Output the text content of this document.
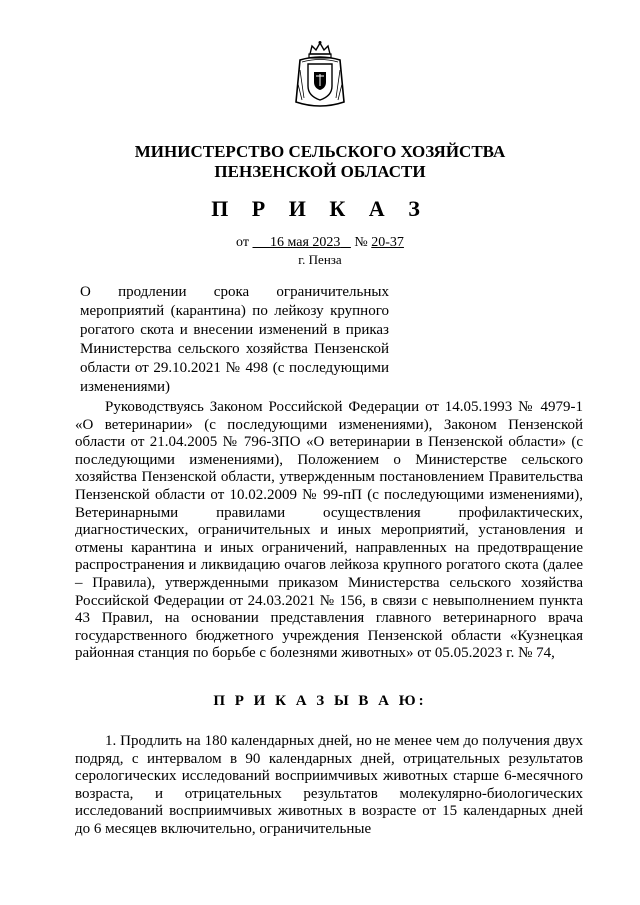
МИНИСТЕРСТВО СЕЛЬСКОГО ХОЗЯЙСТВА
ПЕНЗЕНСКОЙ ОБЛАСТИ
П Р И К А З
от 16 мая 2023 № 20-37
г. Пенза
О продлении срока ограничительных мероприятий (карантина) по лейкозу крупного рогатого скота и внесении изменений в приказ Министерства сельского хозяйства Пензенской области от 29.10.2021 № 498 (с последующими изменениями)

Руководствуясь Законом Российской Федерации от 14.05.1993 № 4979-1 «О ветеринарии» (с последующими изменениями), Законом Пензенской области от 21.04.2005 № 796-ЗПО «О ветеринарии в Пензенской области» (с последующими изменениями), Положением о Министерстве сельского хозяйства Пензенской области, утвержденным постановлением Правительства Пензенской области от 10.02.2009 № 99-пП (с последующими изменениями), Ветеринарными правилами осуществления профилактических, диагностических, ограничительных и иных мероприятий, установления и отмены карантина и иных ограничений, направленных на предотвращение распространения и ликвидацию очагов лейкоза крупного рогатого скота (далее – Правила), утвержденными приказом Министерства сельского хозяйства Российской Федерации от 24.03.2021 № 156, в связи с невыполнением пункта 43 Правил, на основании представления главного ветеринарного врача государственного бюджетного учреждения Пензенской области «Кузнецкая районная станция по борьбе с болезнями животных» от 05.05.2023 г. № 74,

П Р И К А З Ы В А Ю:

1. Продлить на 180 календарных дней, но не менее чем до получения двух подряд, с интервалом в 90 календарных дней, отрицательных результатов серологических исследований восприимчивых животных старше 6-месячного возраста, и отрицательных результатов молекулярно-биологических исследований восприимчивых животных в возрасте от 15 календарных дней до 6 месяцев включительно, ограничительные
